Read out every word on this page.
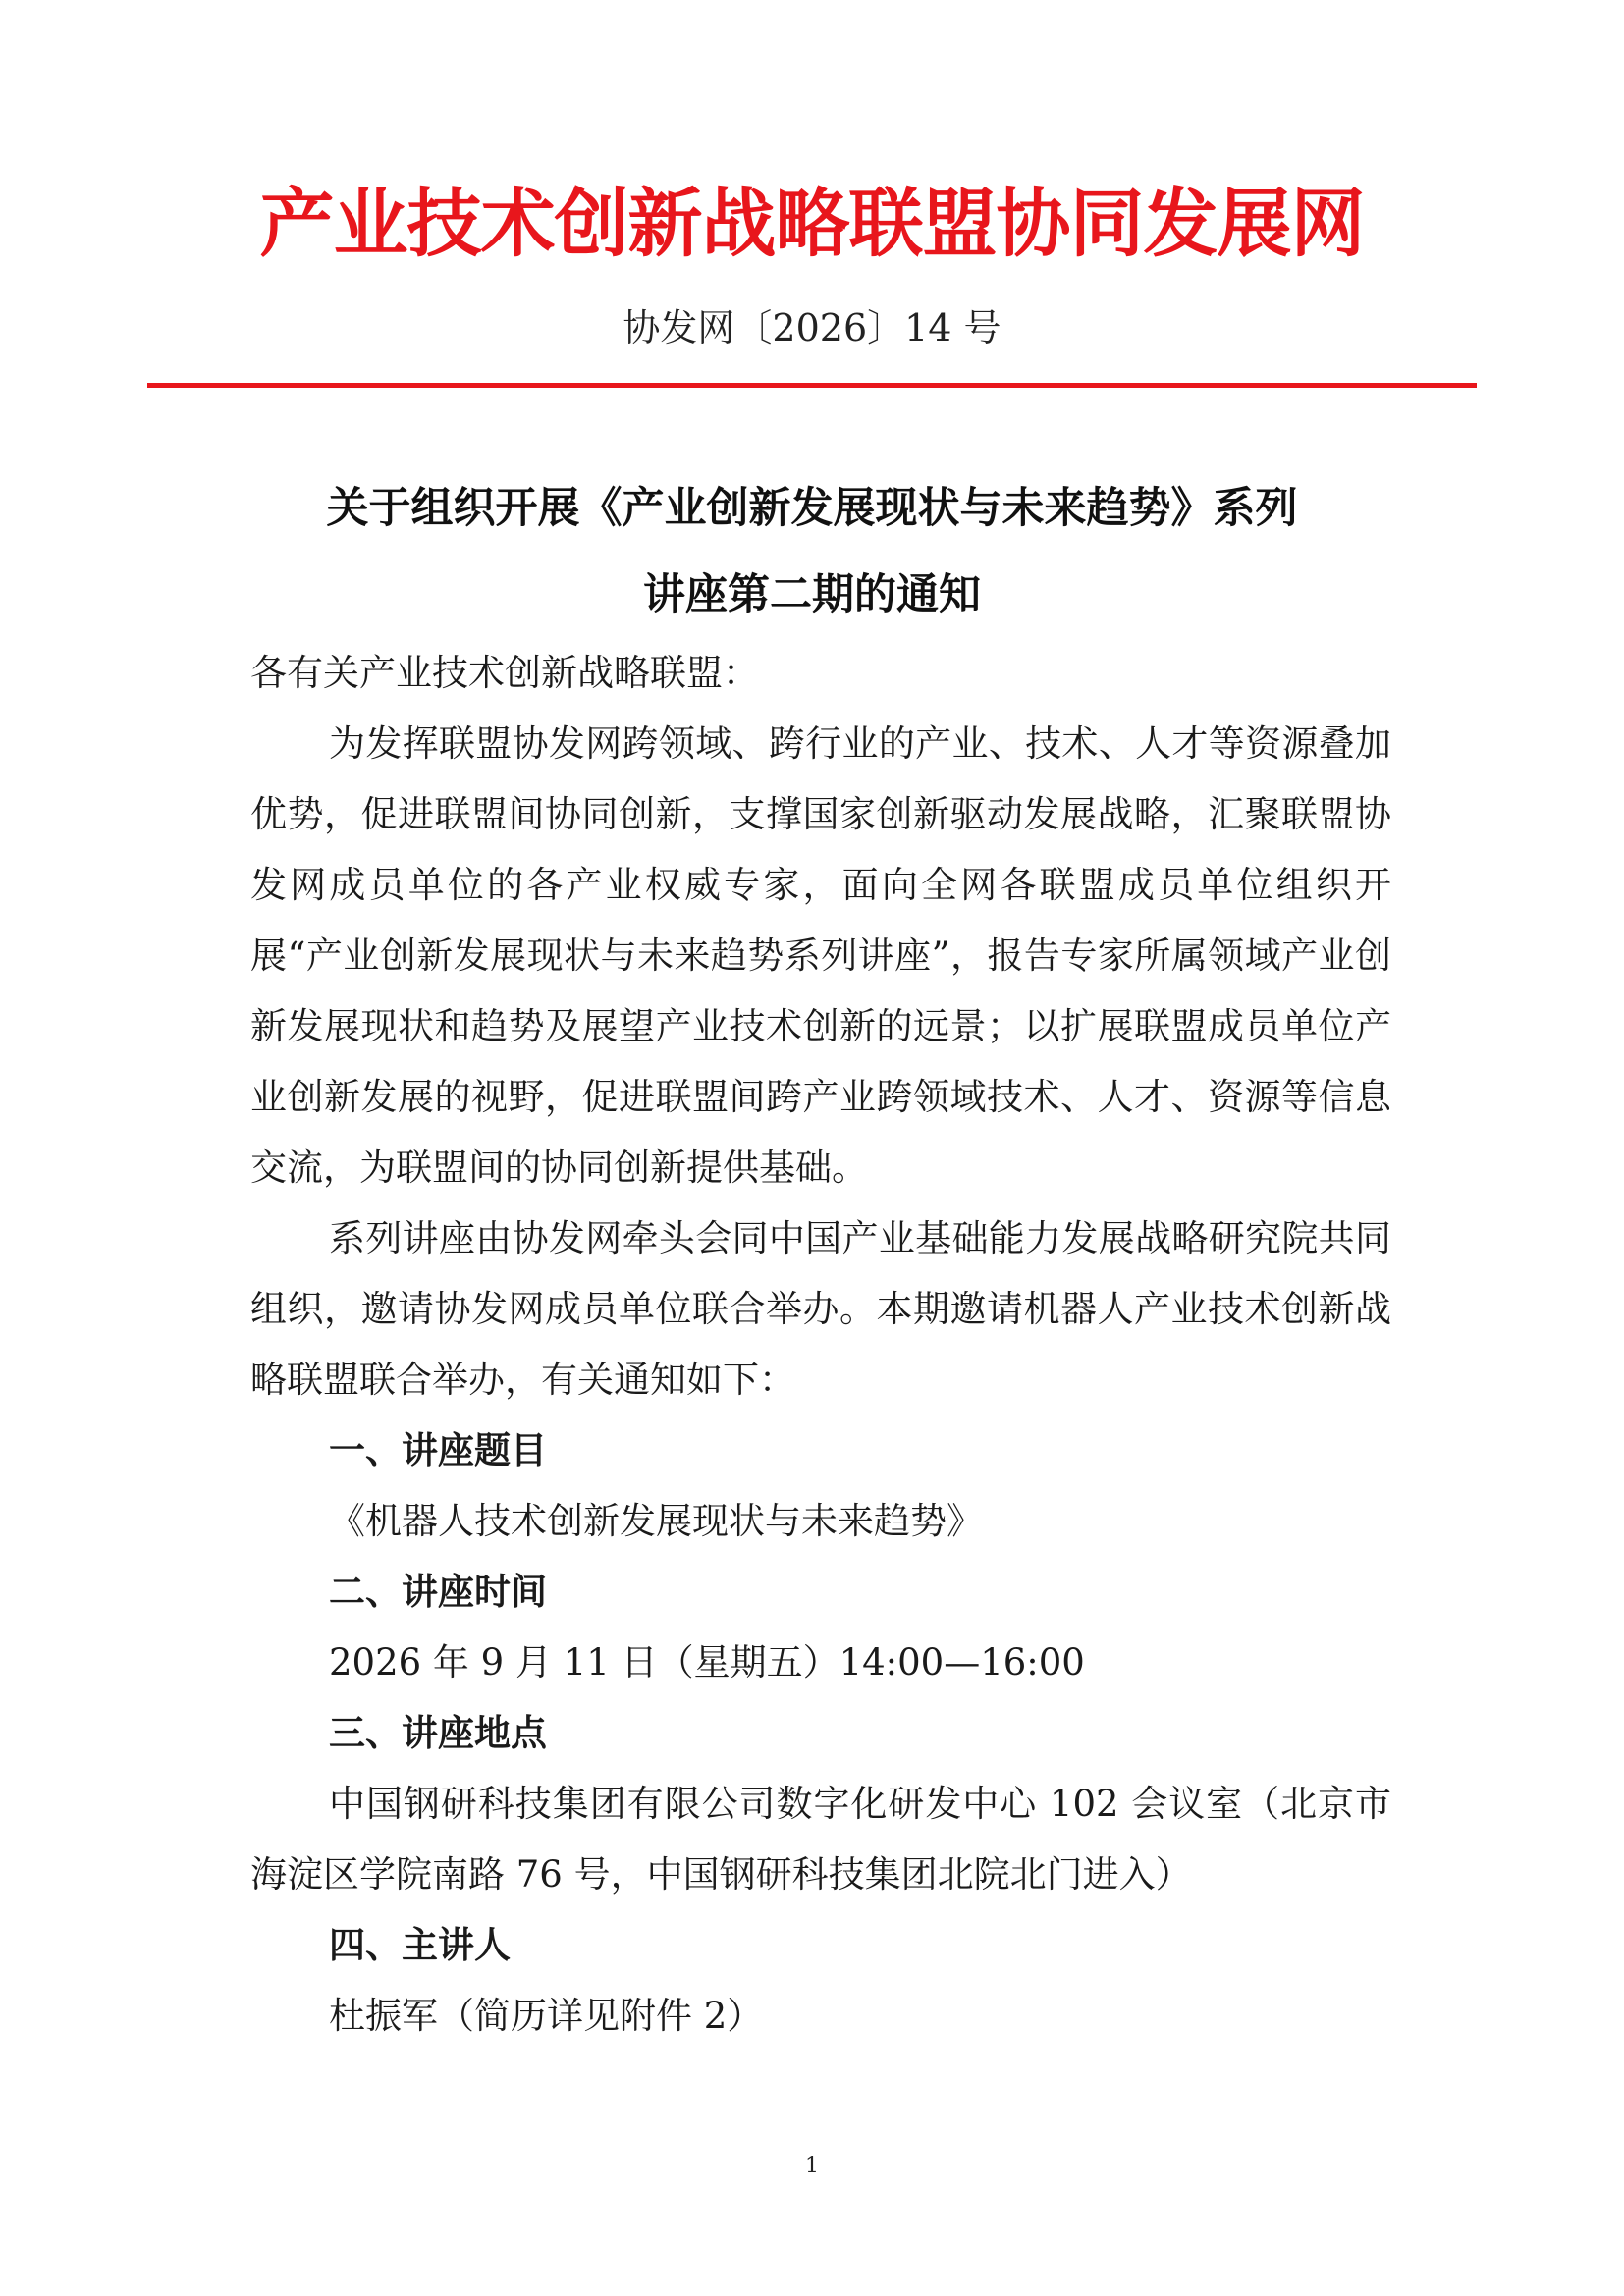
产业技术创新战略联盟协同发展网
协发网〔2026〕14 号
关于组织开展《产业创新发展现状与未来趋势》系列
讲座第二期的通知

各有关产业技术创新战略联盟：

为发挥联盟协发网跨领域、跨行业的产业、技术、人才等资源叠加优势，促进联盟间协同创新，支撑国家创新驱动发展战略，汇聚联盟协发网成员单位的各产业权威专家，面向全网各联盟成员单位组织开展“产业创新发展现状与未来趋势系列讲座”，报告专家所属领域产业创新发展现状和趋势及展望产业技术创新的远景；以扩展联盟成员单位产业创新发展的视野，促进联盟间跨产业跨领域技术、人才、资源等信息交流，为联盟间的协同创新提供基础。

系列讲座由协发网牵头会同中国产业基础能力发展战略研究院共同组织，邀请协发网成员单位联合举办。本期邀请机器人产业技术创新战略联盟联合举办，有关通知如下：

一、讲座题目

《机器人技术创新发展现状与未来趋势》

二、讲座时间

2026 年 9 月 11 日（星期五）14:00—16:00

三、讲座地点

中国钢研科技集团有限公司数字化研发中心 102 会议室（北京市海淀区学院南路 76 号，中国钢研科技集团北院北门进入）

四、主讲人

杜振军（简历详见附件 2）

1
